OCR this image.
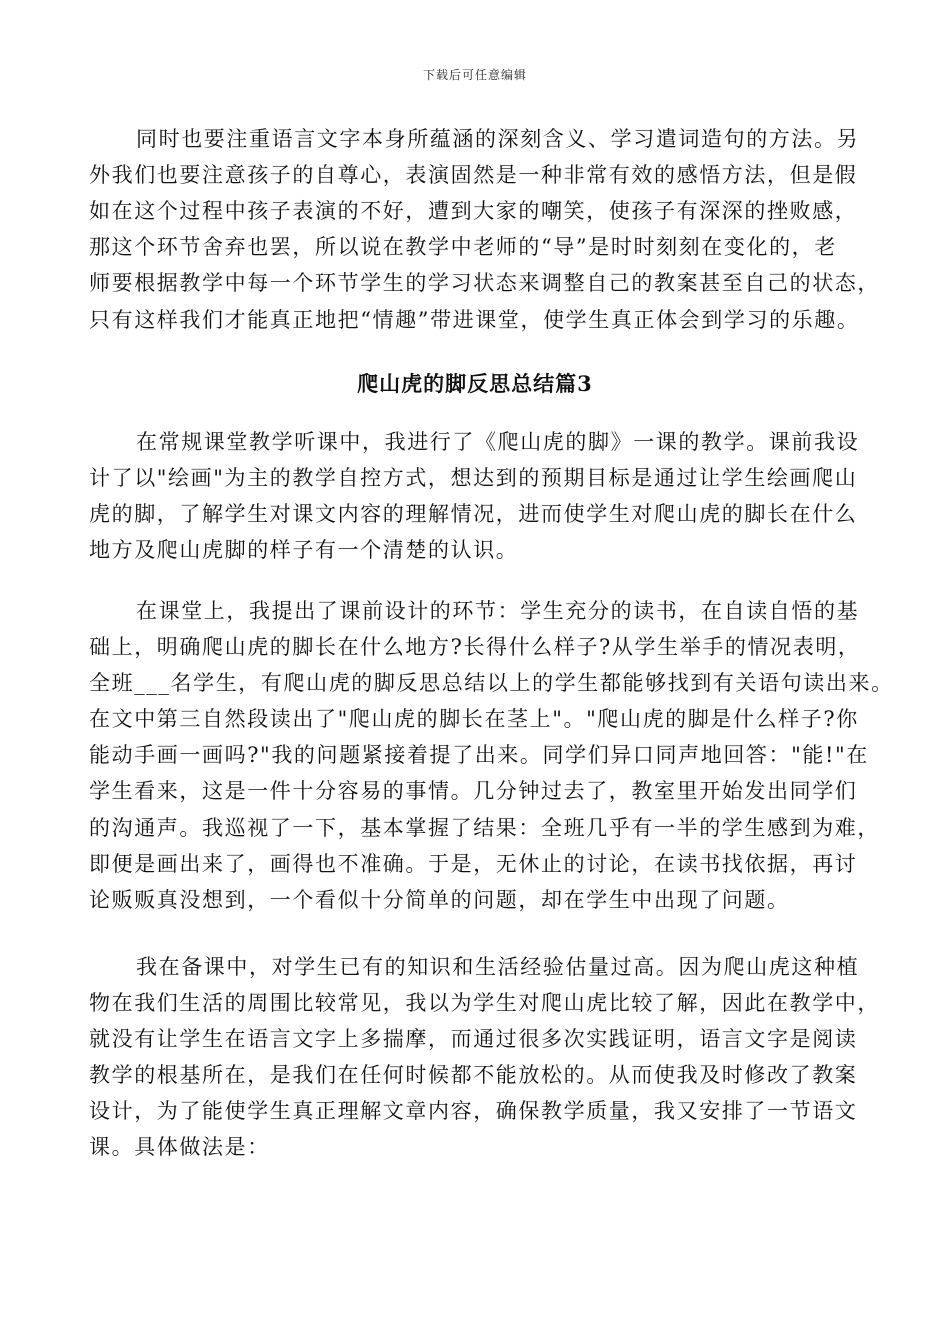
下载后可任意编辑
同时也要注重语言文字本身所蕴涵的深刻含义、学习遣词造句的方法。另
外我们也要注意孩子的自尊心，表演固然是一种非常有效的感悟方法，但是假
如在这个过程中孩子表演的不好，遭到大家的嘲笑，使孩子有深深的挫败感，
那这个环节舍弃也罢，所以说在教学中老师的“导”是时时刻刻在变化的，老
师要根据教学中每一个环节学生的学习状态来调整自己的教案甚至自己的状态，
只有这样我们才能真正地把“情趣”带进课堂，使学生真正体会到学习的乐趣。
爬山虎的脚反思总结篇3
在常规课堂教学听课中，我进行了《爬山虎的脚》一课的教学。课前我设
计了以"绘画"为主的教学自控方式，想达到的预期目标是通过让学生绘画爬山
虎的脚，了解学生对课文内容的理解情况，进而使学生对爬山虎的脚长在什么
地方及爬山虎脚的样子有一个清楚的认识。
在课堂上，我提出了课前设计的环节：学生充分的读书，在自读自悟的基
础上，明确爬山虎的脚长在什么地方?长得什么样子?从学生举手的情况表明，
全班___名学生，有爬山虎的脚反思总结以上的学生都能够找到有关语句读出来。
在文中第三自然段读出了"爬山虎的脚长在茎上"。"爬山虎的脚是什么样子?你
能动手画一画吗?"我的问题紧接着提了出来。同学们异口同声地回答："能!"在
学生看来，这是一件十分容易的事情。几分钟过去了，教室里开始发出同学们
的沟通声。我巡视了一下，基本掌握了结果：全班几乎有一半的学生感到为难，
即便是画出来了，画得也不准确。于是，无休止的讨论，在读书找依据，再讨
论贩贩真没想到，一个看似十分简单的问题，却在学生中出现了问题。
我在备课中，对学生已有的知识和生活经验估量过高。因为爬山虎这种植
物在我们生活的周围比较常见，我以为学生对爬山虎比较了解，因此在教学中，
就没有让学生在语言文字上多揣摩，而通过很多次实践证明，语言文字是阅读
教学的根基所在，是我们在任何时候都不能放松的。从而使我及时修改了教案
设计，为了能使学生真正理解文章内容，确保教学质量，我又安排了一节语文
课。具体做法是：
